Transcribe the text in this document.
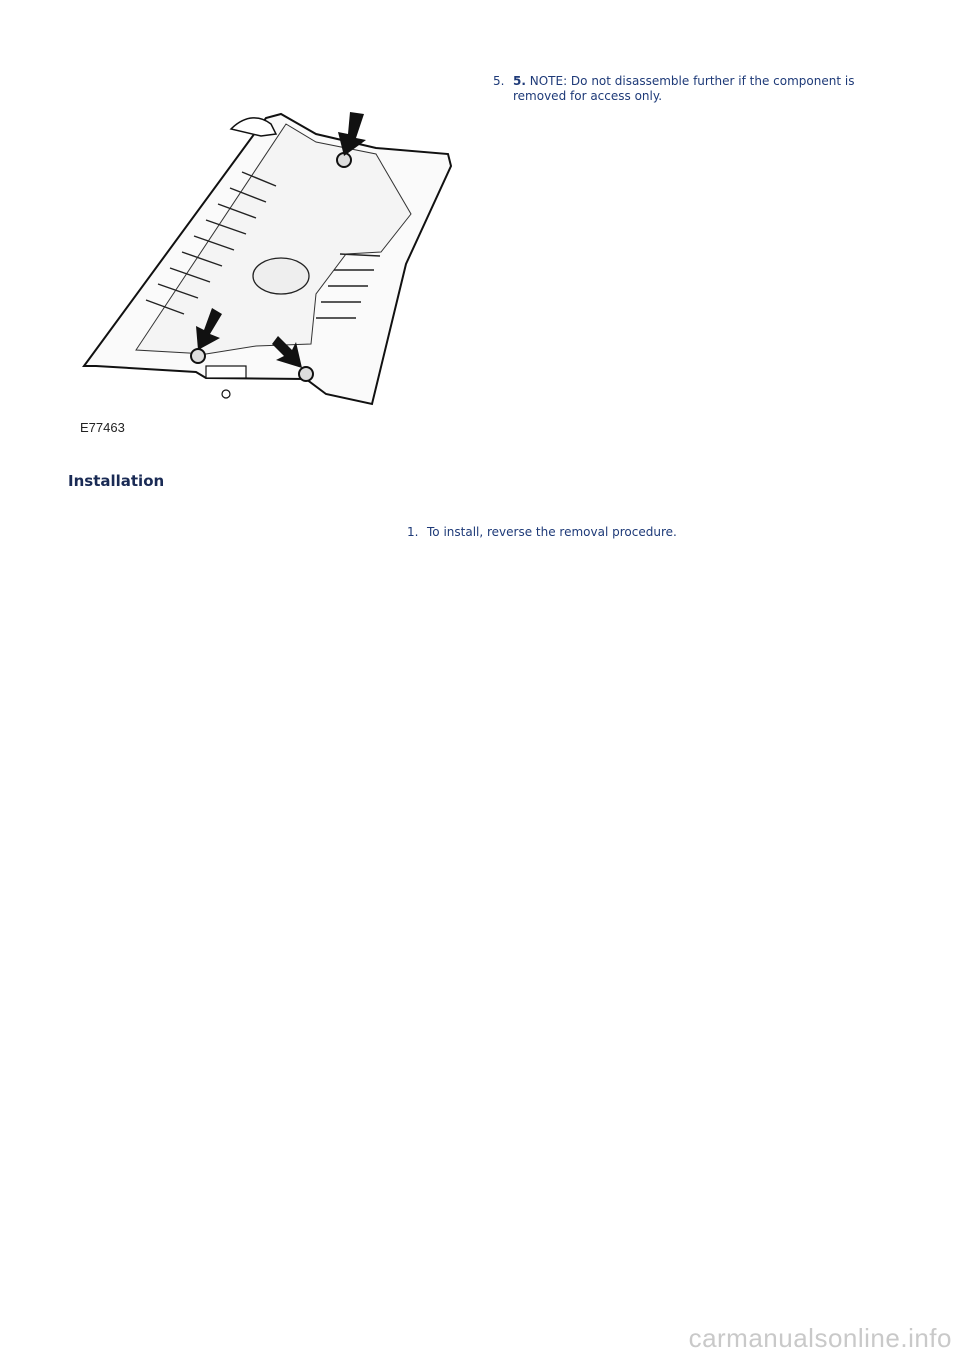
5. 5. NOTE: Do not disassemble further if the component is removed for access only.
E77463
Installation
1. To install, reverse the removal procedure.
carmanualsonline.info
